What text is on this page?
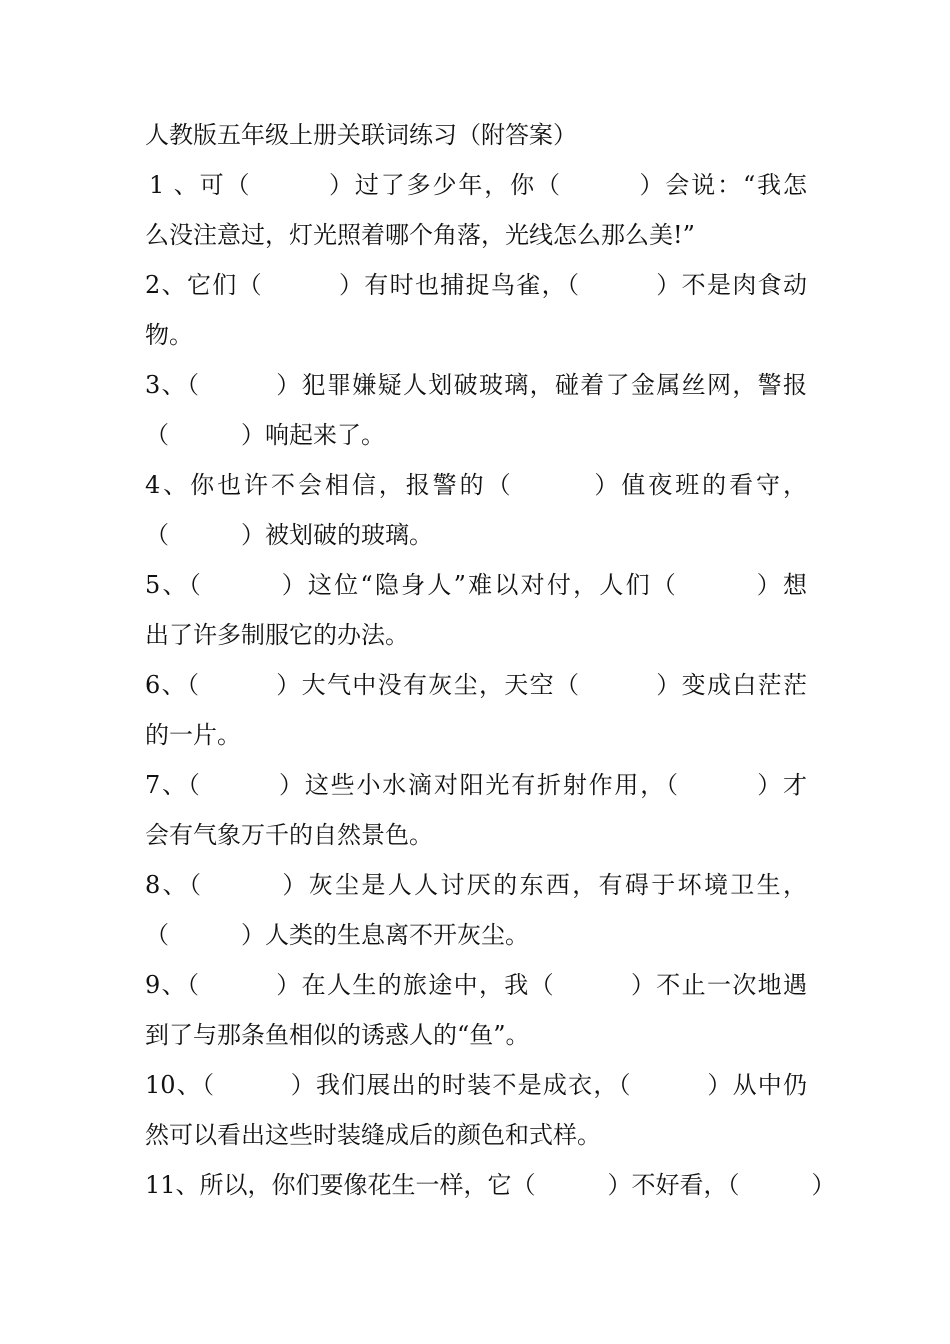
人教版五年级上册关联词练习（附答案）

1 、可（　　　）过了多少年，你（　　　）会说：“我怎

么没注意过，灯光照着哪个角落，光线怎么那么美!”

2、它们（　　　）有时也捕捉鸟雀，（　　　）不是肉食动

物。

3、（　　　）犯罪嫌疑人划破玻璃，碰着了金属丝网，警报

（　　　）响起来了。

4、你也许不会相信，报警的（　　　）值夜班的看守，

（　　　）被划破的玻璃。

5、（　　　）这位“隐身人”难以对付，人们（　　　）想

出了许多制服它的办法。

6、（　　　）大气中没有灰尘，天空（　　　）变成白茫茫

的一片。

7、（　　　）这些小水滴对阳光有折射作用，（　　　）才

会有气象万千的自然景色。

8、（　　　）灰尘是人人讨厌的东西，有碍于坏境卫生，

（　　　）人类的生息离不开灰尘。

9、（　　　）在人生的旅途中，我（　　　）不止一次地遇

到了与那条鱼相似的诱惑人的“鱼”。

10、（　　　）我们展出的时装不是成衣，（　　　）从中仍

然可以看出这些时装缝成后的颜色和式样。

11、所以，你们要像花生一样，它（　　　）不好看，（　　　）
